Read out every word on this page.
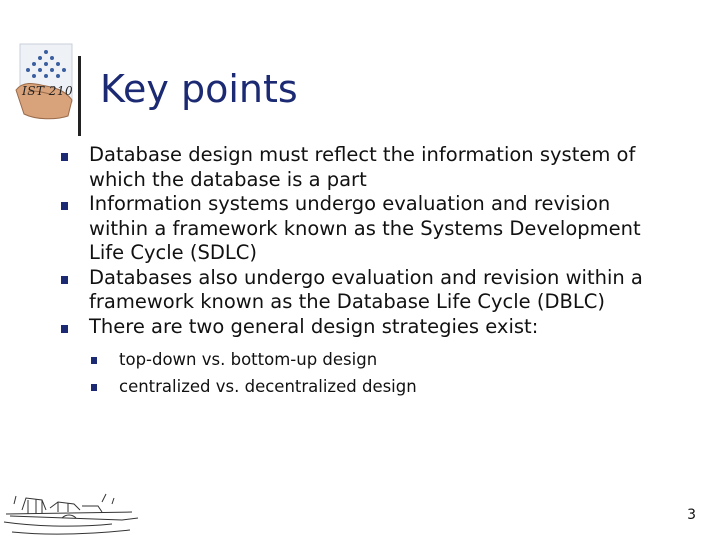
IST 210 Key points
Database design must reflect the information system of which the database is a part
Information systems undergo evaluation and revision within a framework known as the Systems Development Life Cycle (SDLC)
Databases also undergo evaluation and revision within a framework known as the Database Life Cycle (DBLC)
There are two general design strategies exist:
top-down vs. bottom-up design
centralized vs. decentralized design
3
